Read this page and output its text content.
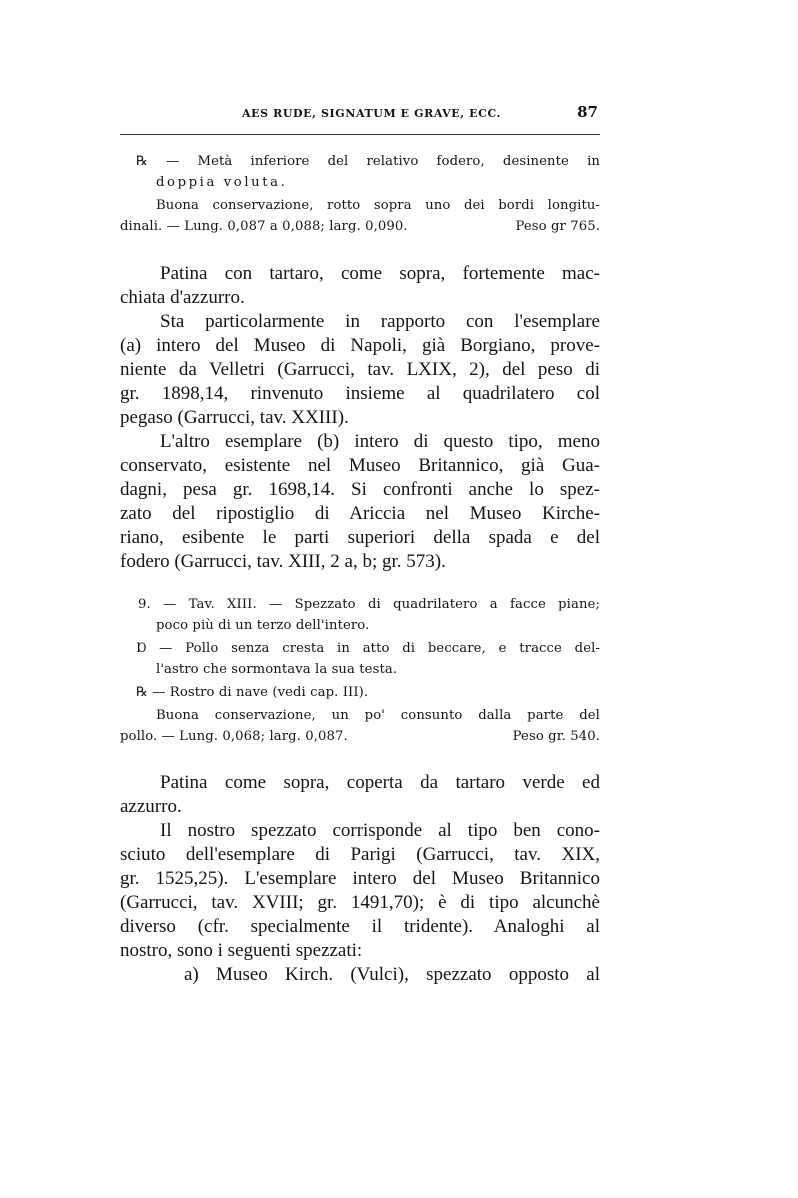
AES RUDE, SIGNATUM E GRAVE, ECC.	87
℞ — Metà inferiore del relativo fodero, desinente in
doppia voluta.
Buona conservazione, rotto sopra uno dei bordi longitu-
dinali. — Lung. 0,087 a 0,088; larg. 0,090.	Peso gr 765.
Patina con tartaro, come sopra, fortemente mac-
chiata d'azzurro.
Sta particolarmente in rapporto con l'esemplare
(a) intero del Museo di Napoli, già Borgiano, prove-
niente da Velletri (Garrucci, tav. LXIX, 2), del peso di
gr. 1898,14, rinvenuto insieme al quadrilatero col
pegaso (Garrucci, tav. XXIII).
L'altro esemplare (b) intero di questo tipo, meno
conservato, esistente nel Museo Britannico, già Gua-
dagni, pesa gr. 1698,14. Si confronti anche lo spez-
zato del ripostiglio di Ariccia nel Museo Kirche-
riano, esibente le parti superiori della spada e del
fodero (Garrucci, tav. XIII, 2 a, b; gr. 573).
9. — Tav. XIII. — Spezzato di quadrilatero a facce piane;
poco più di un terzo dell'intero.
Ɒ — Pollo senza cresta in atto di beccare, e tracce del-
l'astro che sormontava la sua testa.
℞ — Rostro di nave (vedi cap. III).
Buona conservazione, un po' consunto dalla parte del
pollo. — Lung. 0,068; larg. 0,087.	Peso gr. 540.
Patina come sopra, coperta da tartaro verde ed
azzurro.
Il nostro spezzato corrisponde al tipo ben cono-
sciuto dell'esemplare di Parigi (Garrucci, tav. XIX,
gr. 1525,25). L'esemplare intero del Museo Britannico
(Garrucci, tav. XVIII; gr. 1491,70); è di tipo alcunchè
diverso (cfr. specialmente il tridente). Analoghi al
nostro, sono i seguenti spezzati:
a) Museo Kirch. (Vulci), spezzato opposto al
